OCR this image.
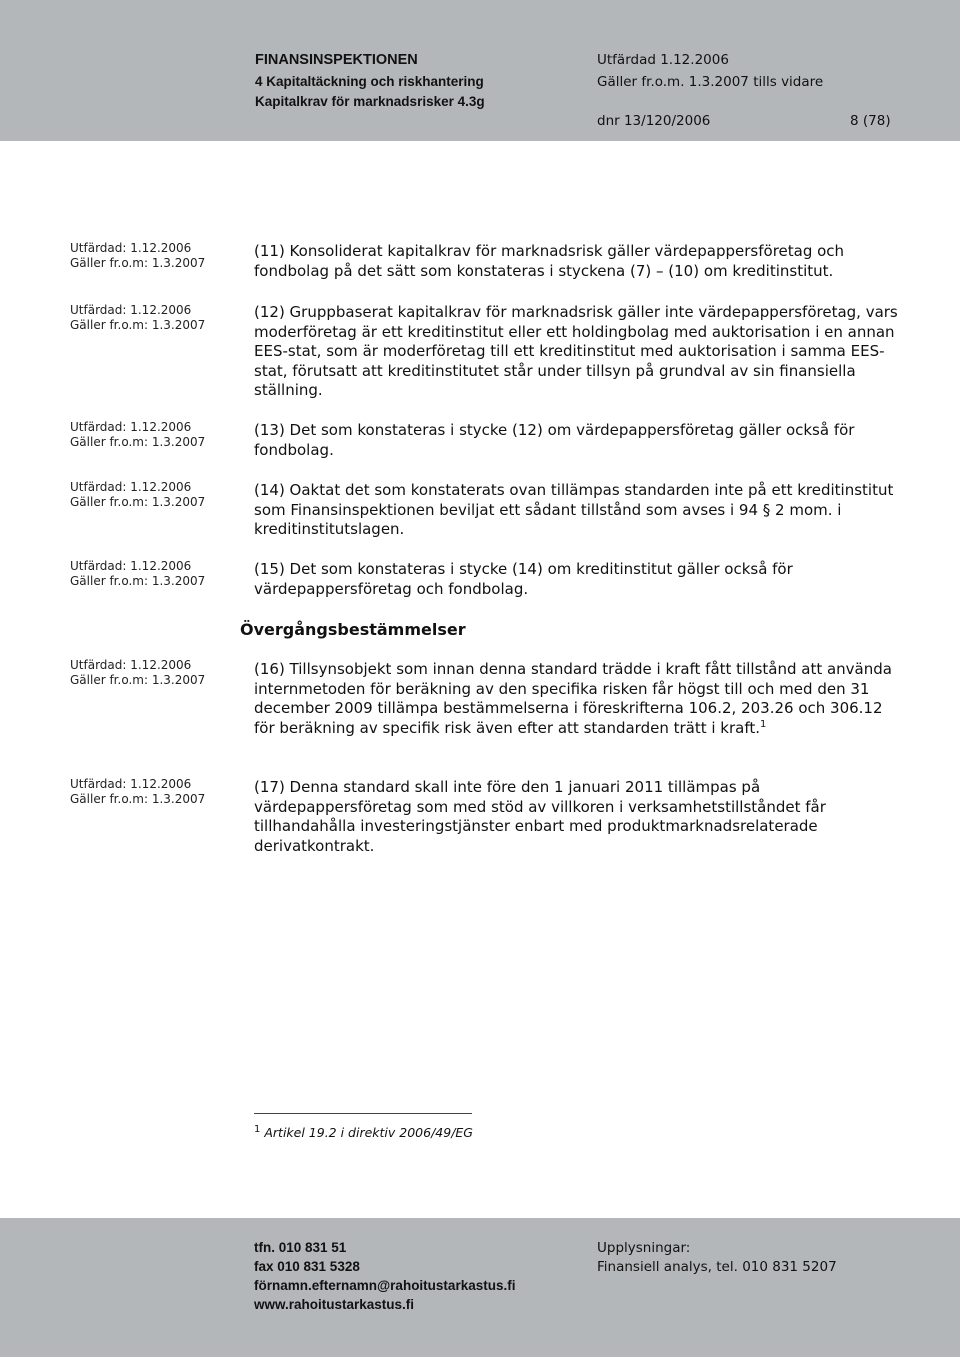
FINANSINSPEKTIONEN
4 Kapitaltäckning och riskhantering
Kapitalkrav för marknadsrisker 4.3g
Utfärdad 1.12.2006
Gäller fr.o.m. 1.3.2007 tills vidare
dnr 13/120/2006	8 (78)
Utfärdad: 1.12.2006
Gäller fr.o.m: 1.3.2007
Utfärdad: 1.12.2006
Gäller fr.o.m: 1.3.2007
Utfärdad: 1.12.2006
Gäller fr.o.m: 1.3.2007
Utfärdad: 1.12.2006
Gäller fr.o.m: 1.3.2007
Utfärdad: 1.12.2006
Gäller fr.o.m: 1.3.2007
Utfärdad: 1.12.2006
Gäller fr.o.m: 1.3.2007
Utfärdad: 1.12.2006
Gäller fr.o.m: 1.3.2007
(11) Konsoliderat kapitalkrav för marknadsrisk gäller värdepappersföretag och fondbolag på det sätt som konstateras i styckena (7) – (10) om kreditinstitut.
(12) Gruppbaserat kapitalkrav för marknadsrisk gäller inte värdepappersföretag, vars moderföretag är ett kreditinstitut eller ett holdingbolag med auktorisation i en annan EES-stat, som är moderföretag till ett kreditinstitut med auktorisation i samma EES-stat, förutsatt att kreditinstitutet står under tillsyn på grundval av sin finansiella ställning.
(13) Det som konstateras i stycke (12) om värdepappersföretag gäller också för fondbolag.
(14) Oaktat det som konstaterats ovan tillämpas standarden inte på ett kreditinstitut som Finansinspektionen beviljat ett sådant tillstånd som avses i 94 § 2 mom. i kreditinstitutslagen.
(15) Det som konstateras i stycke (14) om kreditinstitut gäller också för värdepappersföretag och fondbolag.
Övergångsbestämmelser
(16) Tillsynsobjekt som innan denna standard trädde i kraft fått tillstånd att använda internmetoden för beräkning av den specifika risken får högst till och med den 31 december 2009 tillämpa bestämmelserna i föreskrifterna 106.2, 203.26 och 306.12 för beräkning av specifik risk även efter att standarden trätt i kraft.$^1$
(17) Denna standard skall inte före den 1 januari 2011 tillämpas på värdepappersföretag som med stöd av villkoren i verksamhetstillståndet får tillhandahålla investeringstjänster enbart med produktmarknadsrelaterade derivatkontrakt.
$^1$ Artikel 19.2 i direktiv 2006/49/EG
tfn. 010 831 51
fax 010 831 5328
förnamn.efternamn@rahoitustarkastus.fi
www.rahoitustarkastus.fi
Upplysningar:
Finansiell analys, tel. 010 831 5207
